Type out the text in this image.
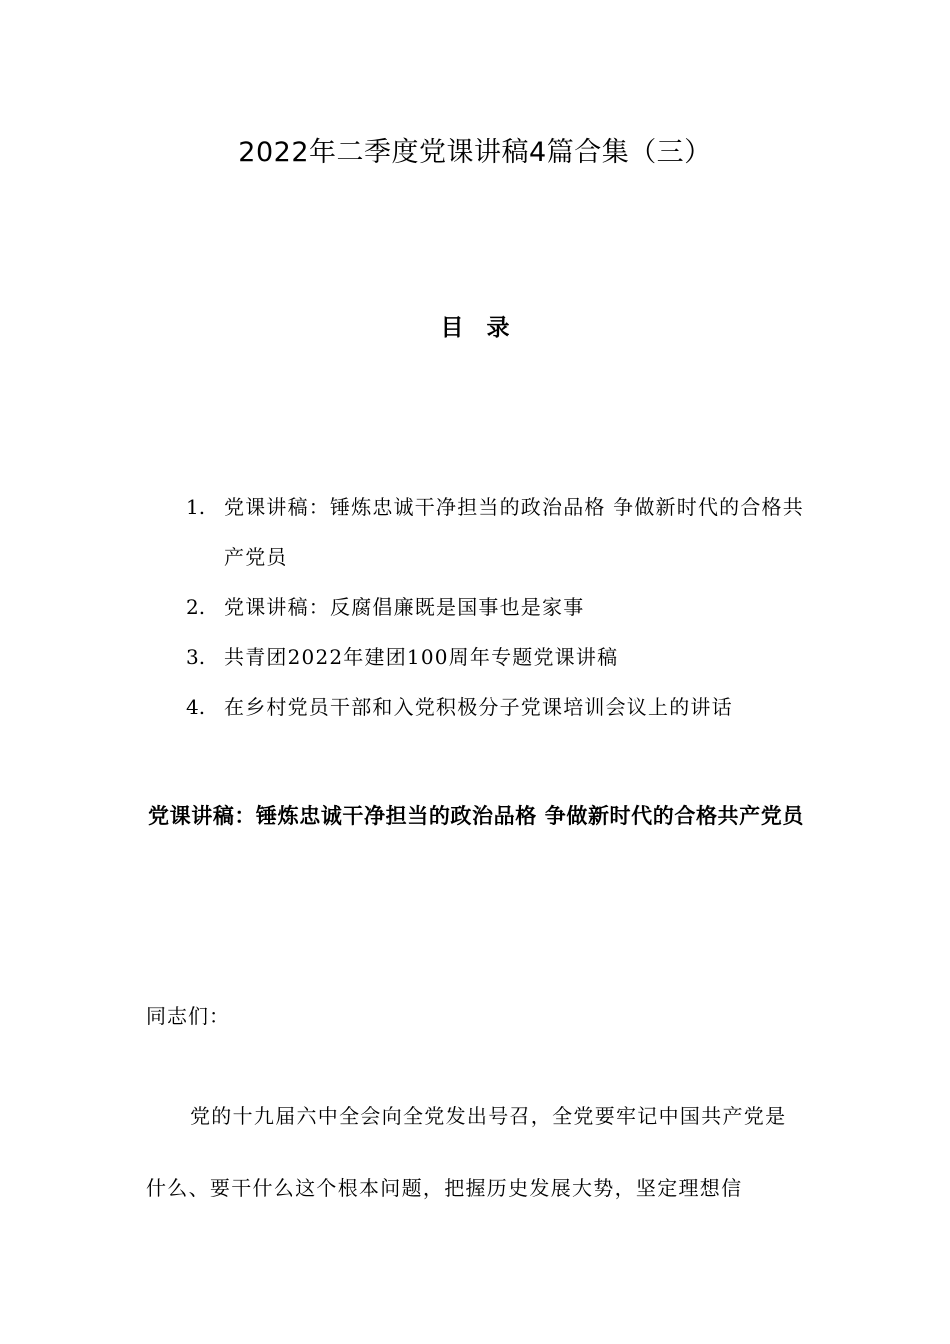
2022年二季度党课讲稿4篇合集（三）
目　录
1. 党课讲稿：锤炼忠诚干净担当的政治品格 争做新时代的合格共产党员
2. 党课讲稿：反腐倡廉既是国事也是家事
3. 共青团2022年建团100周年专题党课讲稿
4. 在乡村党员干部和入党积极分子党课培训会议上的讲话
党课讲稿：锤炼忠诚干净担当的政治品格 争做新时代的合格共产党员
同志们：

党的十九届六中全会向全党发出号召，全党要牢记中国共产党是什么、要干什么这个根本问题，把握历史发展大势，坚定理想信
